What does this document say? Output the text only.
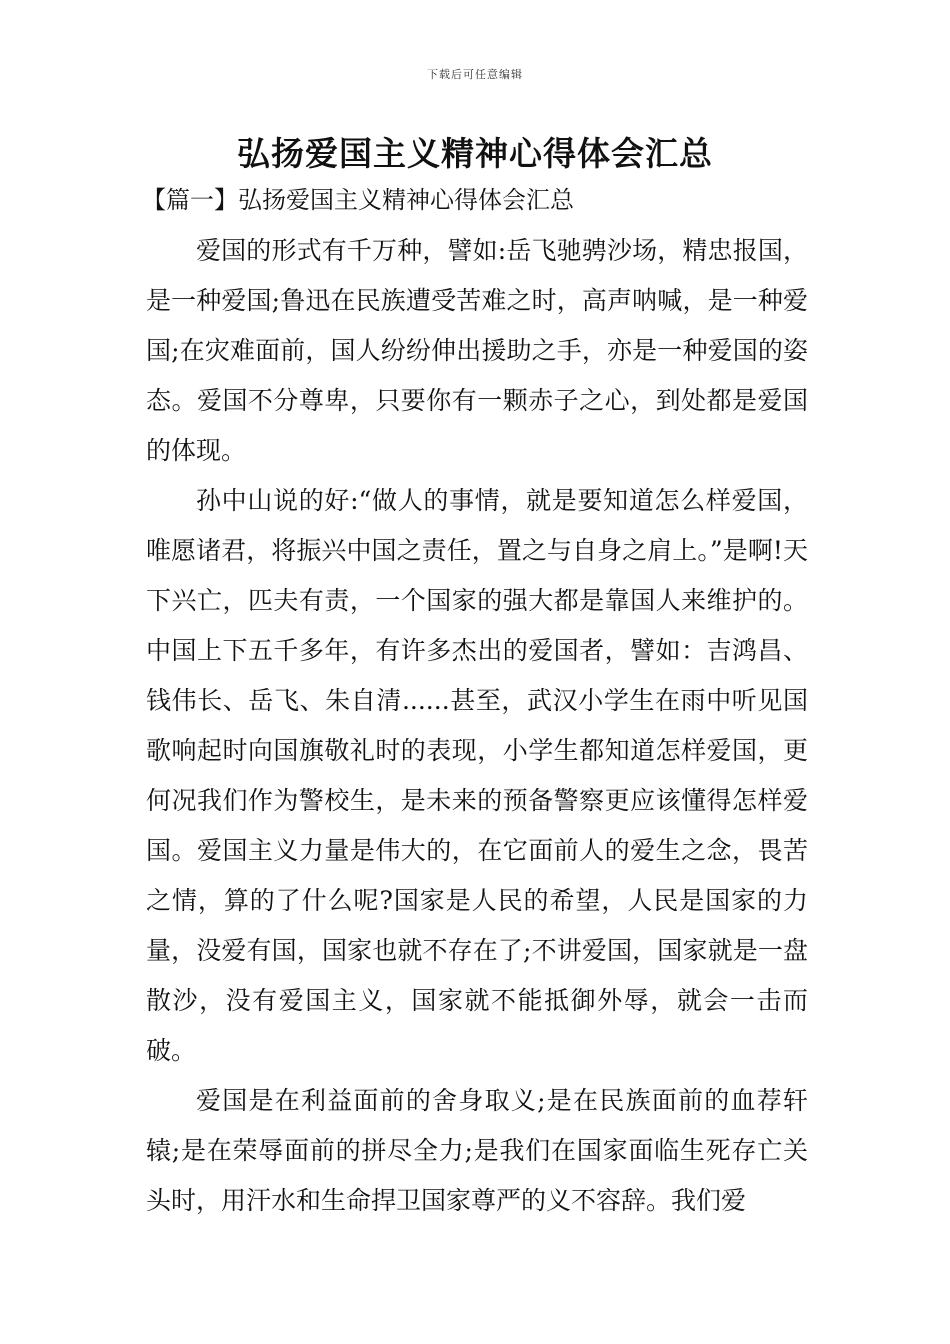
下载后可任意编辑
弘扬爱国主义精神心得体会汇总
【篇一】弘扬爱国主义精神心得体会汇总

爱国的形式有千万种，譬如:岳飞驰骋沙场，精忠报国，是一种爱国;鲁迅在民族遭受苦难之时，高声呐喊，是一种爱国;在灾难面前，国人纷纷伸出援助之手，亦是一种爱国的姿态。爱国不分尊卑，只要你有一颗赤子之心，到处都是爱国的体现。

孙中山说的好:“做人的事情，就是要知道怎么样爱国，唯愿诸君，将振兴中国之责任，置之与自身之肩上。”是啊!天下兴亡，匹夫有责，一个国家的强大都是靠国人来维护的。中国上下五千多年，有许多杰出的爱国者，譬如：吉鸿昌、钱伟长、岳飞、朱自清......甚至，武汉小学生在雨中听见国歌响起时向国旗敬礼时的表现，小学生都知道怎样爱国，更何况我们作为警校生，是未来的预备警察更应该懂得怎样爱国。爱国主义力量是伟大的，在它面前人的爱生之念，畏苦之情，算的了什么呢?国家是人民的希望，人民是国家的力量，没爱有国，国家也就不存在了;不讲爱国，国家就是一盘散沙，没有爱国主义，国家就不能抵御外辱，就会一击而破。

爱国是在利益面前的舍身取义;是在民族面前的血荐轩辕;是在荣辱面前的拼尽全力;是我们在国家面临生死存亡关头时，用汗水和生命捍卫国家尊严的义不容辞。我们爱
